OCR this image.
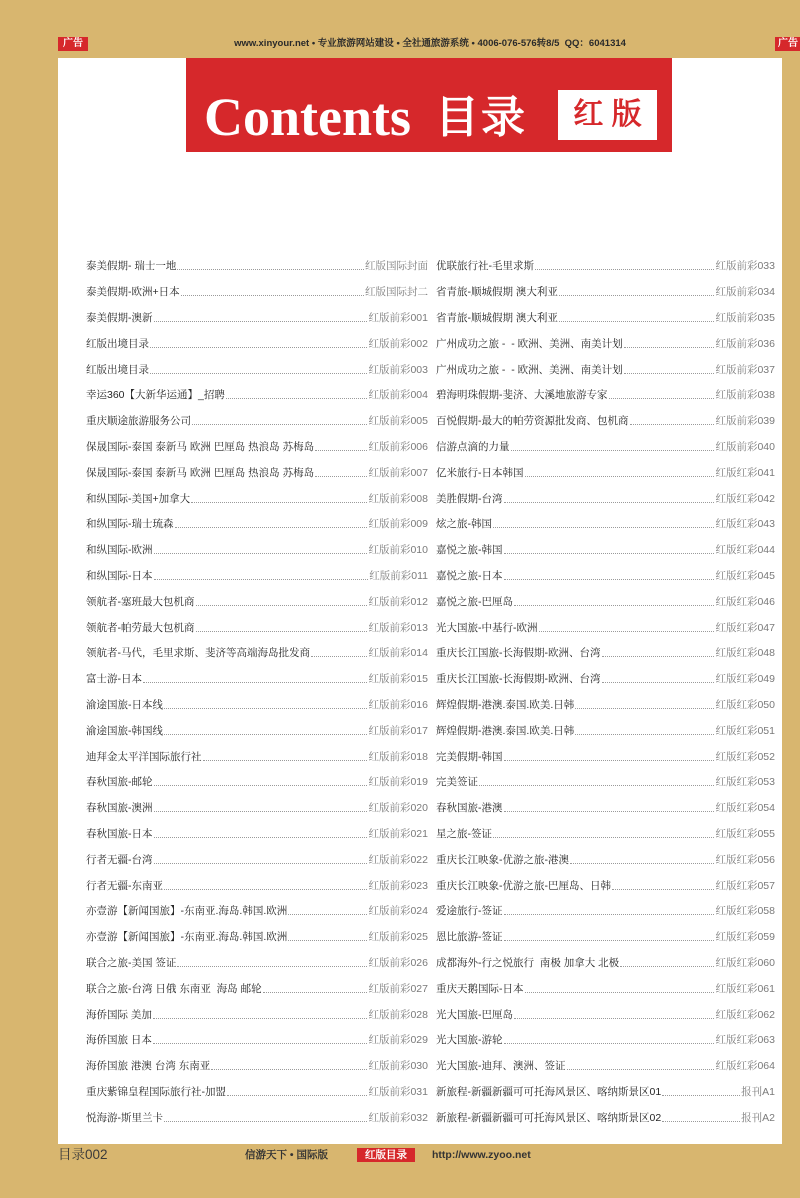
广告	www.xinyour.net • 专业旅游网站建设 • 全社通旅游系统 • 4006-076-576转8/5  QQ：6041314	广告
Contents 目录	红 版
泰美假期- 瑞士一地	红版国际封面
泰美假期-欧洲+日本	红版国际封二
泰美假期-澳新	红版前彩001
红版出境目录	红版前彩002
红版出境目录	红版前彩003
幸运360【大新华运通】_招聘	红版前彩004
重庆顺途旅游服务公司	红版前彩005
保晟国际-泰国 泰新马 欧洲 巴厘岛 热浪岛 苏梅岛	红版前彩006
保晟国际-泰国 泰新马 欧洲 巴厘岛 热浪岛 苏梅岛	红版前彩007
和纵国际-美国+加拿大	红版前彩008
和纵国际-瑞士琉森	红版前彩009
和纵国际-欧洲	红版前彩010
和纵国际-日本	红版前彩011
领航者-塞班最大包机商	红版前彩012
领航者-帕劳最大包机商	红版前彩013
领航者-马代，毛里求斯、斐济等高端海岛批发商	红版前彩014
富士游-日本	红版前彩015
渝途国旅-日本线	红版前彩016
渝途国旅-韩国线	红版前彩017
迪拜金太平洋国际旅行社	红版前彩018
春秋国旅-邮轮	红版前彩019
春秋国旅-澳洲	红版前彩020
春秋国旅-日本	红版前彩021
行者无疆-台湾	红版前彩022
行者无疆-东南亚	红版前彩023
亦壹游【新闻国旅】-东南亚.海岛.韩国.欧洲	红版前彩024
亦壹游【新闻国旅】-东南亚.海岛.韩国.欧洲	红版前彩025
联合之旅-美国 签证	红版前彩026
联合之旅-台湾 日俄 东南亚  海岛 邮轮	红版前彩027
海侨国际 美加	红版前彩028
海侨国旅 日本	红版前彩029
海侨国旅 港澳 台湾 东南亚	红版前彩030
重庆紫锦皇程国际旅行社-加盟	红版前彩031
悦海游-斯里兰卡	红版前彩032
优联旅行社-毛里求斯	红版前彩033
省青旅-顺城假期 澳大利亚	红版前彩034
省青旅-顺城假期 澳大利亚	红版前彩035
广州成功之旅 -  - 欧洲、美洲、南美计划	红版前彩036
广州成功之旅 -  - 欧洲、美洲、南美计划	红版前彩037
碧海明珠假期-斐济、大溪地旅游专家	红版前彩038
百悦假期-最大的帕劳资源批发商、包机商	红版前彩039
信游点滴的力量	红版前彩040
亿米旅行-日本韩国	红版红彩041
美胜假期-台湾	红版红彩042
炫之旅-韩国	红版红彩043
嘉悦之旅-韩国	红版红彩044
嘉悦之旅-日本	红版红彩045
嘉悦之旅-巴厘岛	红版红彩046
光大国旅-中基行-欧洲	红版红彩047
重庆长江国旅-长海假期-欧洲、台湾	红版红彩048
重庆长江国旅-长海假期-欧洲、台湾	红版红彩049
辉煌假期-港澳.泰国.欧美.日韩	红版红彩050
辉煌假期-港澳.泰国.欧美.日韩	红版红彩051
完美假期-韩国	红版红彩052
完美签证	红版红彩053
春秋国旅-港澳	红版红彩054
星之旅-签证	红版红彩055
重庆长江映象-优游之旅-港澳	红版红彩056
重庆长江映象-优游之旅-巴厘岛、日韩	红版红彩057
爱途旅行-签证	红版红彩058
恩比旅游-签证	红版红彩059
成都海外-行之悦旅行  南极 加拿大 北极	红版红彩060
重庆天鹅国际-日本	红版红彩061
光大国旅-巴厘岛	红版红彩062
光大国旅-游轮	红版红彩063
光大国旅-迪拜、澳洲、签证	红版红彩064
新旅程-新疆新疆可可托海风景区、喀纳斯景区01	报刊A1
新旅程-新疆新疆可可托海风景区、喀纳斯景区02	报刊A2
目录002	信游天下 • 国际版	红版目录	http://www.zyoo.net
